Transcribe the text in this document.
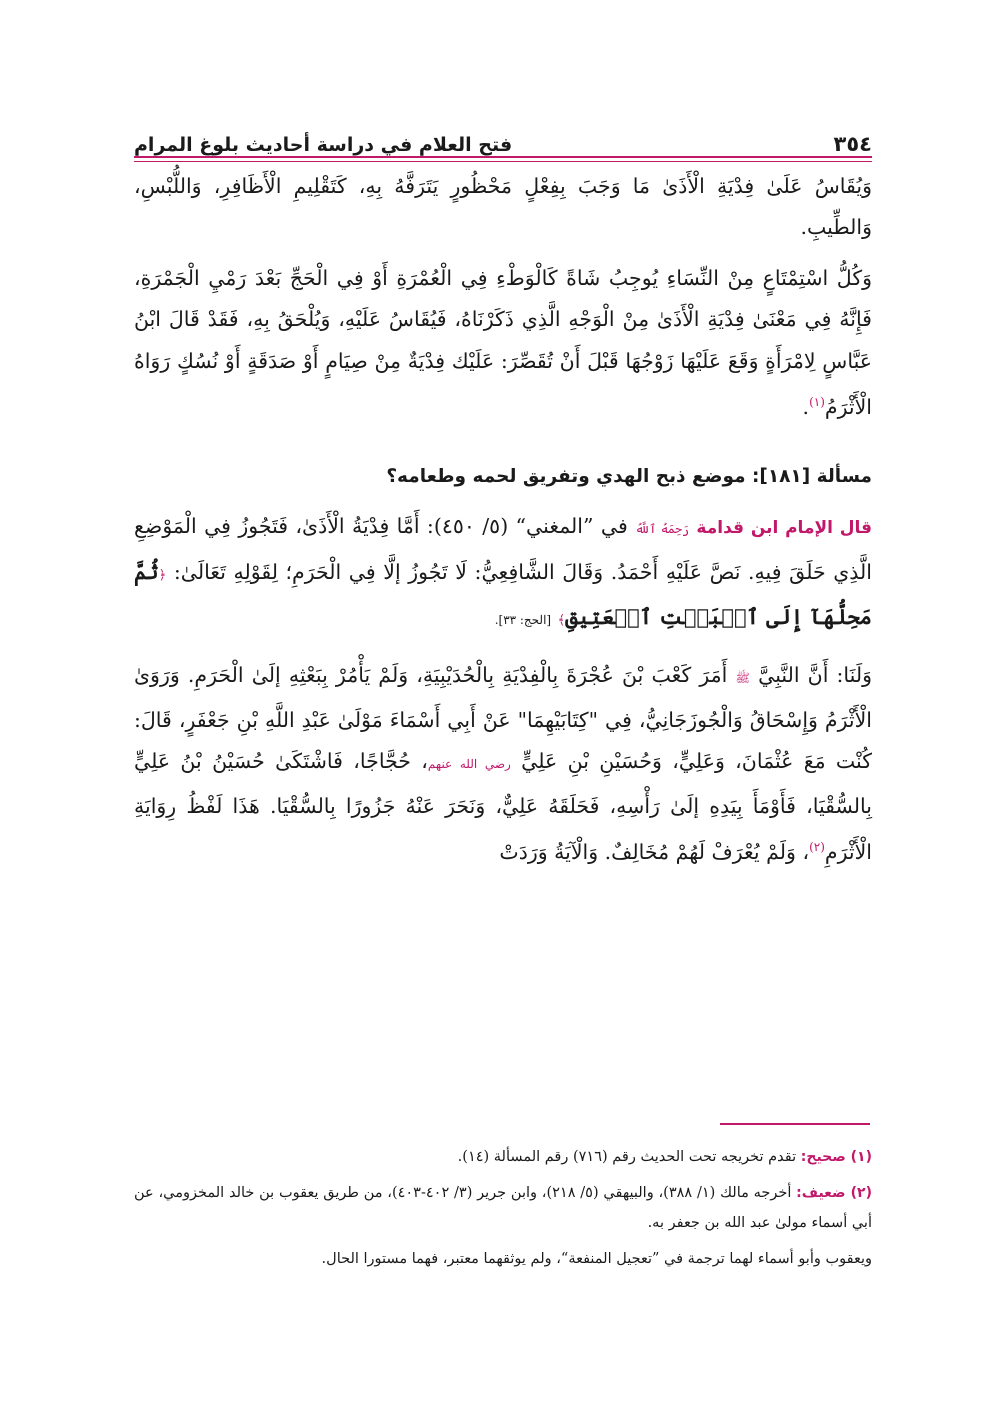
٣٥٤
فتح العلام في دراسة أحاديث بلوغ المرام

وَيُقَاسُ عَلَىٰ فِدْيَةِ الْأَذَىٰ مَا وَجَبَ بِفِعْلٍ مَحْظُورٍ يَتَرَفَّهُ بِهِ، كَتَقْلِيمِ الْأَظَافِرِ، وَاللُّبْسِ، وَالطِّيبِ.

وَكُلُّ اسْتِمْتَاعٍ مِنْ النِّسَاءِ يُوجِبُ شَاةً كَالْوَطْءِ فِي الْعُمْرَةِ أَوْ فِي الْحَجِّ بَعْدَ رَمْيِ الْجَمْرَةِ، فَإِنَّهُ فِي مَعْنَىٰ فِدْيَةِ الْأَذَىٰ مِنْ الْوَجْهِ الَّذِي ذَكَرْنَاهُ، فَيُقَاسُ عَلَيْهِ، وَيُلْحَقُ بِهِ، فَقَدْ قَالَ ابْنُ عَبَّاسٍ لِامْرَأَةٍ وَقَعَ عَلَيْهَا زَوْجُهَا قَبْلَ أَنْ تُقَصِّرَ: عَلَيْك فِدْيَةٌ مِنْ صِيَامٍ أَوْ صَدَقَةٍ أَوْ نُسُكٍ رَوَاهُ الْأَثْرَمُ$^{(١)}$.

مسألة [١٨١]: موضع ذبح الهدي وتفريق لحمه وطعامه؟

قال الإمام ابن قدامة رَحِمَهُ ٱللَّهُ في ”المغني“ (٥/ ٤٥٠): أَمَّا فِدْيَةُ الْأَذَىٰ، فَتَجُوزُ فِي الْمَوْضِعِ الَّذِي حَلَقَ فِيهِ. نَصَّ عَلَيْهِ أَحْمَدُ. وَقَالَ الشَّافِعِيُّ: لَا تَجُوزُ إلَّا فِي الْحَرَمِ؛ لِقَوْلِهِ تَعَالَىٰ: ﴿ثُمَّ مَحِلُّهَآ إِلَى ٱلۡبَيۡتِ ٱلۡعَتِيقِ﴾ [الحج: ٣٣].

وَلَنَا: أَنَّ النَّبِيَّ ﷺ أَمَرَ كَعْبَ بْنَ عُجْرَةَ بِالْفِدْيَةِ بِالْحُدَيْبِيَةِ، وَلَمْ يَأْمُرْ بِبَعْثِهِ إلَىٰ الْحَرَمِ. وَرَوَىٰ الْأَثْرَمُ وَإِسْحَاقُ وَالْجُوزَجَانِيُّ، فِي "كِتَابَيْهِمَا" عَنْ أَبِي أَسْمَاءَ مَوْلَىٰ عَبْدِ اللَّهِ بْنِ جَعْفَرٍ، قَالَ: كُنْت مَعَ عُثْمَانَ، وَعَلِيٍّ، وَحُسَيْنِ بْنِ عَلِيٍّ رضي الله عنهم، حُجَّاجًا، فَاشْتَكَىٰ حُسَيْنُ بْنُ عَلِيٍّ بِالسُّقْيَا، فَأَوْمَأَ بِيَدِهِ إلَىٰ رَأْسِهِ، فَحَلَقَهُ عَلِيٌّ، وَنَحَرَ عَنْهُ جَزُورًا بِالسُّقْيَا. هَذَا لَفْظُ رِوَايَةِ الْأَثْرَمِ$^{(٢)}$، وَلَمْ يُعْرَفْ لَهُمْ مُخَالِفٌ. وَالْآيَةُ وَرَدَتْ

(١) صحيح: تقدم تخريجه تحت الحديث رقم (٧١٦) رقم المسألة (١٤).

(٢) ضعيف: أخرجه مالك (١/ ٣٨٨)، والبيهقي (٥/ ٢١٨)، وابن جرير (٣/ ٤٠٢-٤٠٣)، من طريق يعقوب بن خالد المخزومي، عن أبي أسماء مولىٰ عبد الله بن جعفر به.

ويعقوب وأبو أسماء لهما ترجمة في ”تعجيل المنفعة“، ولم يوثقهما معتبر، فهما مستورا الحال.
